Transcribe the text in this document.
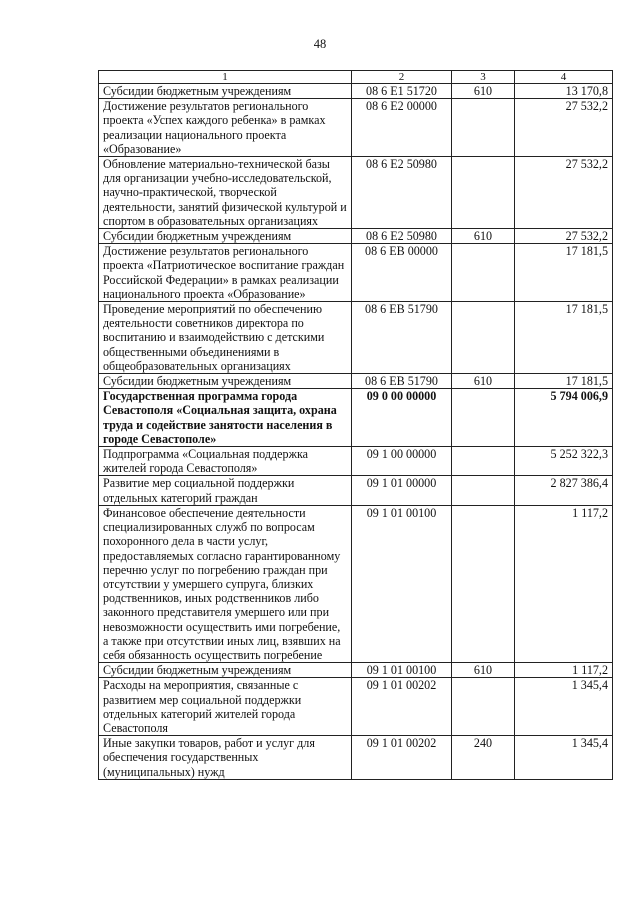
48
1	2	3	4
Субсидии бюджетным учреждениям	08 6 Е1 51720	610	13 170,8
Достижение результатов регионального проекта «Успех каждого ребенка» в рамках реализации национального проекта «Образование»	08 6 Е2 00000		27 532,2
Обновление материально-технической базы для организации учебно-исследовательской, научно-практической, творческой деятельности, занятий физической культурой и спортом в образовательных организациях	08 6 Е2 50980		27 532,2
Субсидии бюджетным учреждениям	08 6 Е2 50980	610	27 532,2
Достижение результатов регионального проекта «Патриотическое воспитание граждан Российской Федерации» в рамках реализации национального проекта «Образование»	08 6 ЕВ 00000		17 181,5
Проведение мероприятий по обеспечению деятельности советников директора по воспитанию и взаимодействию с детскими общественными объединениями в общеобразовательных организациях	08 6 ЕВ 51790		17 181,5
Субсидии бюджетным учреждениям	08 6 ЕВ 51790	610	17 181,5
Государственная программа города Севастополя «Социальная защита, охрана труда и содействие занятости населения в городе Севастополе»	09 0 00 00000		5 794 006,9
Подпрограмма «Социальная поддержка жителей города Севастополя»	09 1 00 00000		5 252 322,3
Развитие мер социальной поддержки отдельных категорий граждан	09 1 01 00000		2 827 386,4
Финансовое обеспечение деятельности специализированных служб по вопросам похоронного дела в части услуг, предоставляемых согласно гарантированному перечню услуг по погребению граждан при отсутствии у умершего супруга, близких родственников, иных родственников либо законного представителя умершего или при невозможности осуществить ими погребение, а также при отсутствии иных лиц, взявших на себя обязанность осуществить погребение	09 1 01 00100		1 117,2
Субсидии бюджетным учреждениям	09 1 01 00100	610	1 117,2
Расходы на мероприятия, связанные с развитием мер социальной поддержки отдельных категорий жителей города Севастополя	09 1 01 00202		1 345,4
Иные закупки товаров, работ и услуг для обеспечения государственных (муниципальных) нужд	09 1 01 00202	240	1 345,4
